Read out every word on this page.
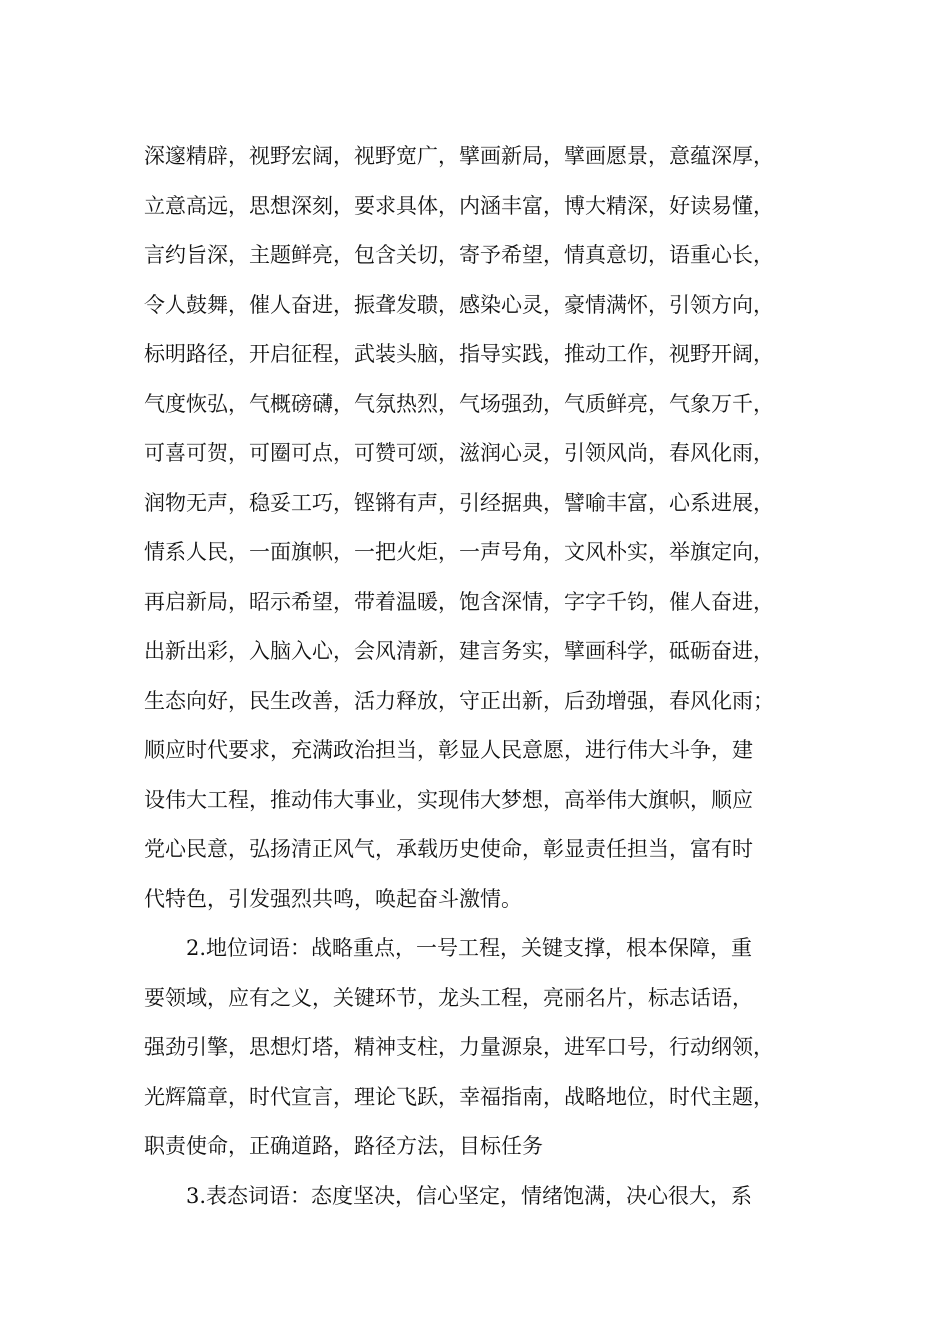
深邃精辟，视野宏阔，视野宽广，擘画新局，擘画愿景，意蕴深厚，
立意高远，思想深刻，要求具体，内涵丰富，博大精深，好读易懂，
言约旨深，主题鲜亮，包含关切，寄予希望，情真意切，语重心长，
令人鼓舞，催人奋进，振聋发聩，感染心灵，豪情满怀，引领方向，
标明路径，开启征程，武装头脑，指导实践，推动工作，视野开阔，
气度恢弘，气概磅礴，气氛热烈，气场强劲，气质鲜亮，气象万千，
可喜可贺，可圈可点，可赞可颂，滋润心灵，引领风尚，春风化雨，
润物无声，稳妥工巧，铿锵有声，引经据典，譬喻丰富，心系进展，
情系人民，一面旗帜，一把火炬，一声号角，文风朴实，举旗定向，
再启新局，昭示希望，带着温暖，饱含深情，字字千钧，催人奋进，
出新出彩，入脑入心，会风清新，建言务实，擘画科学，砥砺奋进，
生态向好，民生改善，活力释放，守正出新，后劲增强，春风化雨；
顺应时代要求，充满政治担当，彰显人民意愿，进行伟大斗争，建
设伟大工程，推动伟大事业，实现伟大梦想，高举伟大旗帜，顺应
党心民意，弘扬清正风气，承载历史使命，彰显责任担当，富有时
代特色，引发强烈共鸣，唤起奋斗激情。
2.地位词语：战略重点，一号工程，关键支撑，根本保障，重
要领域，应有之义，关键环节，龙头工程，亮丽名片，标志话语，
强劲引擎，思想灯塔，精神支柱，力量源泉，进军口号，行动纲领，
光辉篇章，时代宣言，理论飞跃，幸福指南，战略地位，时代主题，
职责使命，正确道路，路径方法，目标任务
3.表态词语：态度坚决，信心坚定，情绪饱满，决心很大，系
